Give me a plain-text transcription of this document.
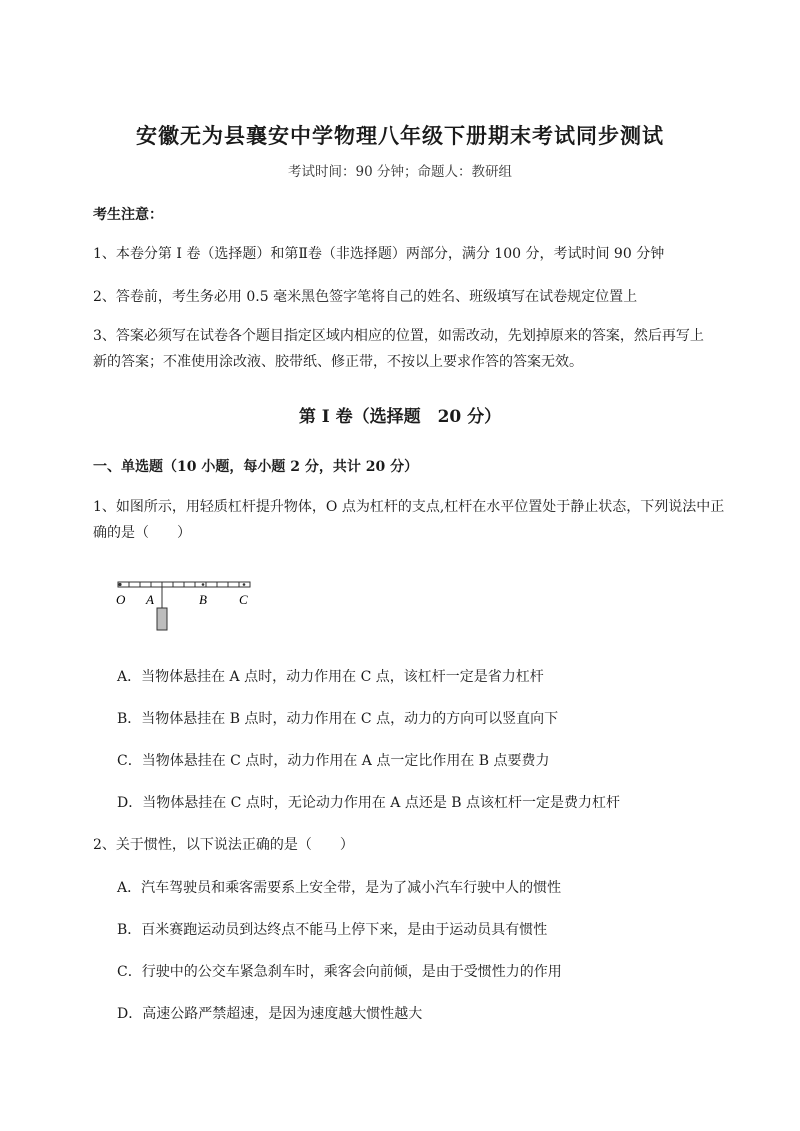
安徽无为县襄安中学物理八年级下册期末考试同步测试
考试时间：90 分钟；命题人：教研组
考生注意：
1、本卷分第 I 卷（选择题）和第Ⅱ卷（非选择题）两部分，满分 100 分，考试时间 90 分钟
2、答卷前，考生务必用 0.5 毫米黑色签字笔将自己的姓名、班级填写在试卷规定位置上
3、答案必须写在试卷各个题目指定区域内相应的位置，如需改动，先划掉原来的答案，然后再写上新的答案；不准使用涂改液、胶带纸、修正带，不按以上要求作答的答案无效。
第 I 卷（选择题　20 分）
一、单选题（10 小题，每小题 2 分，共计 20 分）
1、如图所示，用轻质杠杆提升物体，O 点为杠杆的支点,杠杆在水平位置处于静止状态，下列说法中正确的是（　　）
O A	B C
A．当物体悬挂在 A 点时，动力作用在 C 点，该杠杆一定是省力杠杆
B．当物体悬挂在 B 点时，动力作用在 C 点，动力的方向可以竖直向下
C．当物体悬挂在 C 点时，动力作用在 A 点一定比作用在 B 点要费力
D．当物体悬挂在 C 点时，无论动力作用在 A 点还是 B 点该杠杆一定是费力杠杆
2、关于惯性，以下说法正确的是（　　）
A．汽车驾驶员和乘客需要系上安全带，是为了减小汽车行驶中人的惯性
B．百米赛跑运动员到达终点不能马上停下来，是由于运动员具有惯性
C．行驶中的公交车紧急刹车时，乘客会向前倾，是由于受惯性力的作用
D．高速公路严禁超速，是因为速度越大惯性越大
